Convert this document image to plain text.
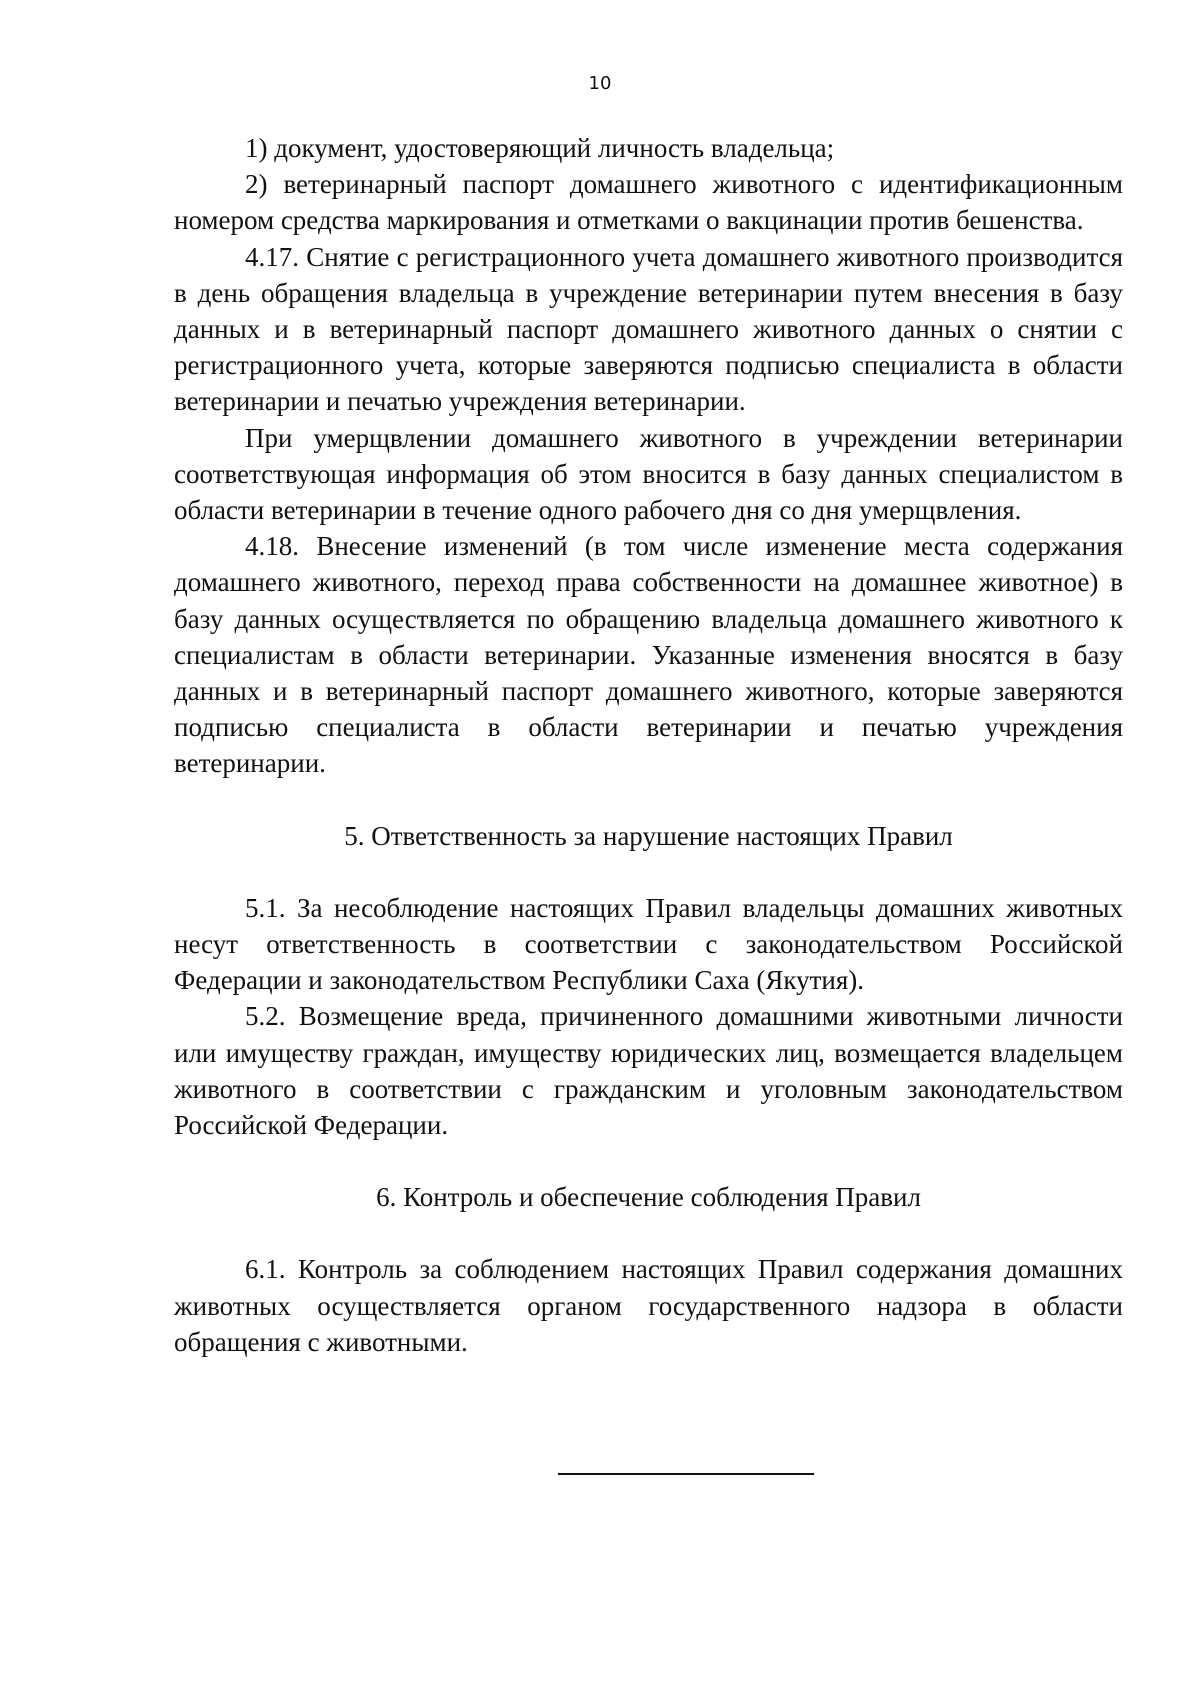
10

1) документ, удостоверяющий личность владельца;

2) ветеринарный паспорт домашнего животного с идентификационным номером средства маркирования и отметками о вакцинации против бешенства.

4.17. Снятие с регистрационного учета домашнего животного производится в день обращения владельца в учреждение ветеринарии путем внесения в базу данных и в ветеринарный паспорт домашнего животного данных о снятии с регистрационного учета, которые заверяются подписью специалиста в области ветеринарии и печатью учреждения ветеринарии.

При умерщвлении домашнего животного в учреждении ветеринарии соответствующая информация об этом вносится в базу данных специалистом в области ветеринарии в течение одного рабочего дня со дня умерщвления.

4.18. Внесение изменений (в том числе изменение места содержания домашнего животного, переход права собственности на домашнее животное) в базу данных осуществляется по обращению владельца домашнего животного к специалистам в области ветеринарии. Указанные изменения вносятся в базу данных и в ветеринарный паспорт домашнего животного, которые заверяются подписью специалиста в области ветеринарии и печатью учреждения ветеринарии.

5. Ответственность за нарушение настоящих Правил

5.1. За несоблюдение настоящих Правил владельцы домашних животных несут ответственность в соответствии с законодательством Российской Федерации и законодательством Республики Саха (Якутия).

5.2. Возмещение вреда, причиненного домашними животными личности или имуществу граждан, имуществу юридических лиц, возмещается владельцем животного в соответствии с гражданским и уголовным законодательством Российской Федерации.

6. Контроль и обеспечение соблюдения Правил

6.1. Контроль за соблюдением настоящих Правил содержания домашних животных осуществляется органом государственного надзора в области обращения с животными.
